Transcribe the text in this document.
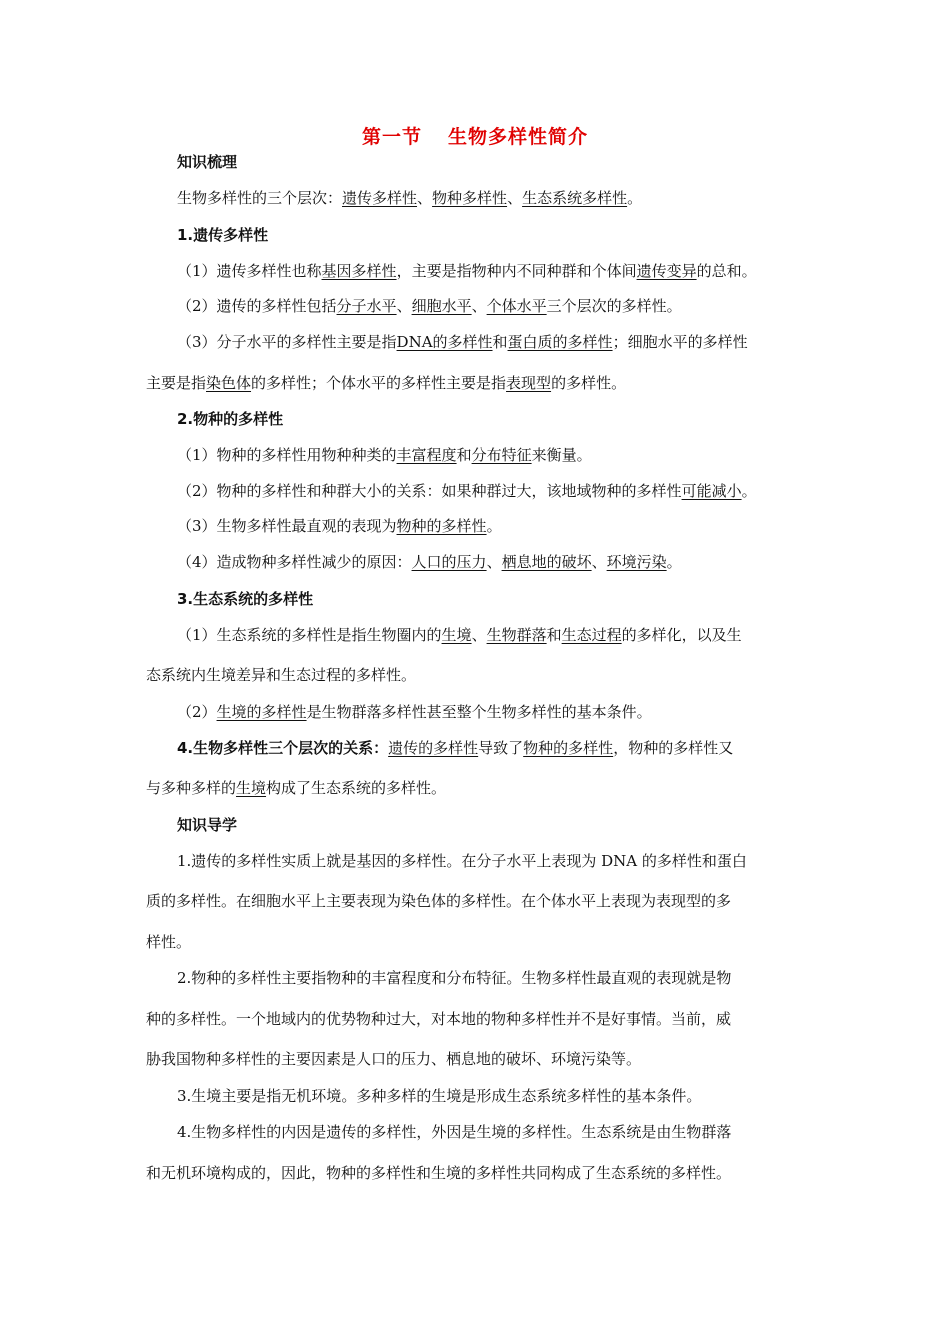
第一节 生物多样性简介
知识梳理
生物多样性的三个层次：遗传多样性、物种多样性、生态系统多样性。
1.遗传多样性
（1）遗传多样性也称基因多样性，主要是指物种内不同种群和个体间遗传变异的总和。
（2）遗传的多样性包括分子水平、细胞水平、个体水平三个层次的多样性。
（3）分子水平的多样性主要是指DNA的多样性和蛋白质的多样性；细胞水平的多样性
主要是指染色体的多样性；个体水平的多样性主要是指表现型的多样性。
2.物种的多样性
（1）物种的多样性用物种种类的丰富程度和分布特征来衡量。
（2）物种的多样性和种群大小的关系：如果种群过大，该地域物种的多样性可能减小。
（3）生物多样性最直观的表现为物种的多样性。
（4）造成物种多样性减少的原因：人口的压力、栖息地的破坏、环境污染。
3.生态系统的多样性
（1）生态系统的多样性是指生物圈内的生境、生物群落和生态过程的多样化，以及生
态系统内生境差异和生态过程的多样性。
（2）生境的多样性是生物群落多样性甚至整个生物多样性的基本条件。
4.生物多样性三个层次的关系：遗传的多样性导致了物种的多样性，物种的多样性又
与多种多样的生境构成了生态系统的多样性。
知识导学
1.遗传的多样性实质上就是基因的多样性。在分子水平上表现为 DNA 的多样性和蛋白
质的多样性。在细胞水平上主要表现为染色体的多样性。在个体水平上表现为表现型的多
样性。
2.物种的多样性主要指物种的丰富程度和分布特征。生物多样性最直观的表现就是物
种的多样性。一个地域内的优势物种过大，对本地的物种多样性并不是好事情。当前，威
胁我国物种多样性的主要因素是人口的压力、栖息地的破坏、环境污染等。
3.生境主要是指无机环境。多种多样的生境是形成生态系统多样性的基本条件。
4.生物多样性的内因是遗传的多样性，外因是生境的多样性。生态系统是由生物群落
和无机环境构成的，因此，物种的多样性和生境的多样性共同构成了生态系统的多样性。
